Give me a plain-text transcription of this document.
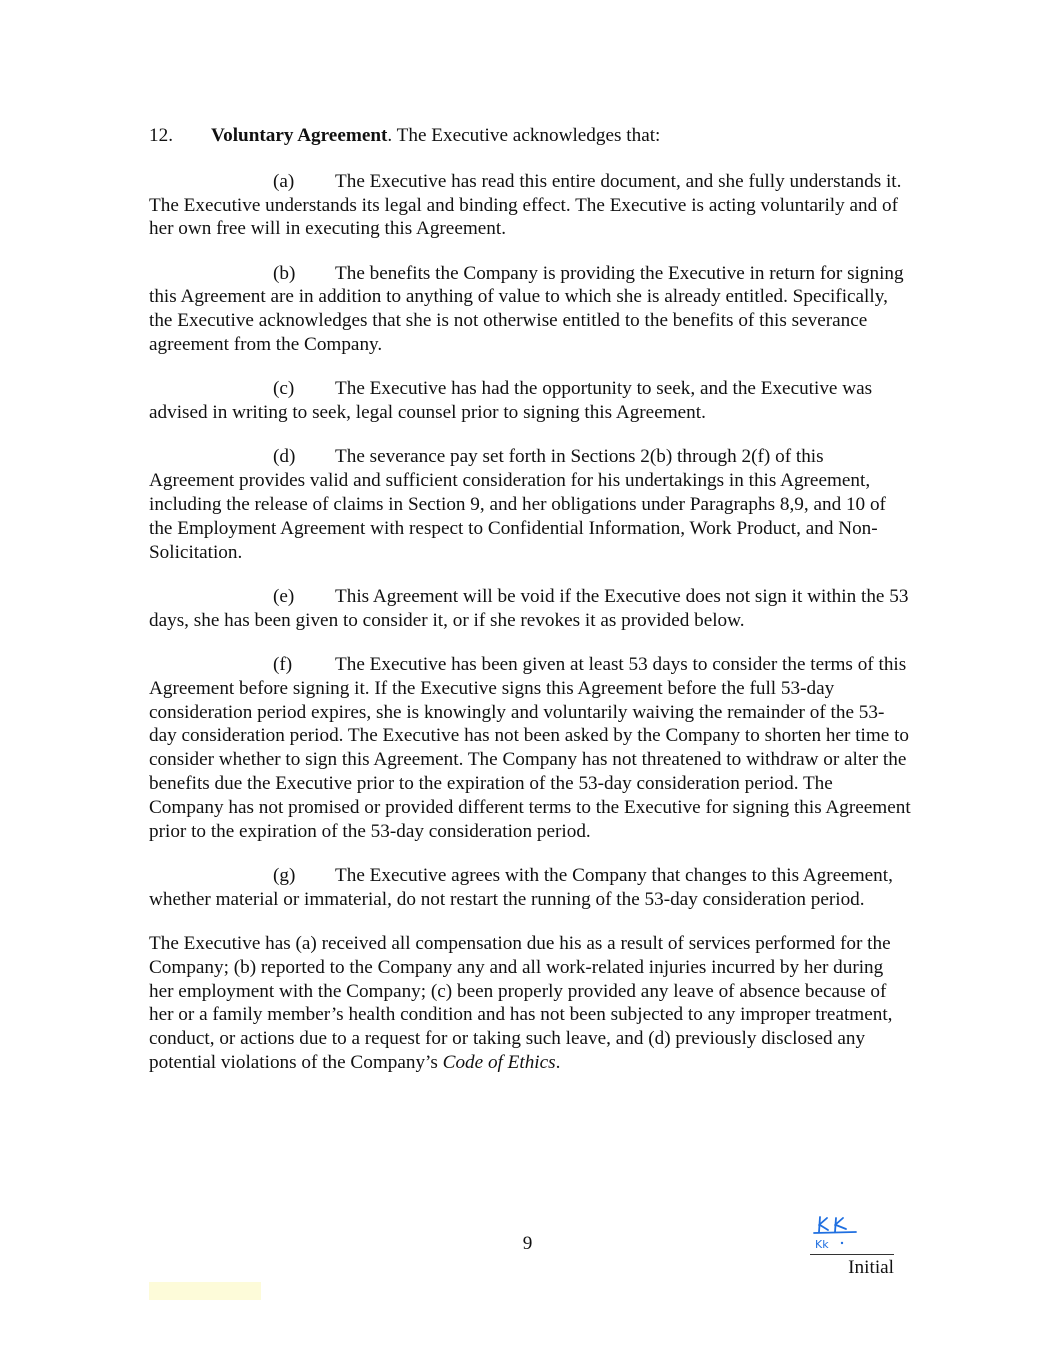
12. Voluntary Agreement. The Executive acknowledges that:

(a) The Executive has read this entire document, and she fully understands it. The Executive understands its legal and binding effect. The Executive is acting voluntarily and of her own free will in executing this Agreement.

(b) The benefits the Company is providing the Executive in return for signing this Agreement are in addition to anything of value to which she is already entitled. Specifically, the Executive acknowledges that she is not otherwise entitled to the benefits of this severance agreement from the Company.

(c) The Executive has had the opportunity to seek, and the Executive was advised in writing to seek, legal counsel prior to signing this Agreement.

(d) The severance pay set forth in Sections 2(b) through 2(f) of this Agreement provides valid and sufficient consideration for his undertakings in this Agreement, including the release of claims in Section 9, and her obligations under Paragraphs 8,9, and 10 of the Employment Agreement with respect to Confidential Information, Work Product, and Non-Solicitation.

(e) This Agreement will be void if the Executive does not sign it within the 53 days, she has been given to consider it, or if she revokes it as provided below.

(f) The Executive has been given at least 53 days to consider the terms of this Agreement before signing it. If the Executive signs this Agreement before the full 53-day consideration period expires, she is knowingly and voluntarily waiving the remainder of the 53-day consideration period. The Executive has not been asked by the Company to shorten her time to consider whether to sign this Agreement. The Company has not threatened to withdraw or alter the benefits due the Executive prior to the expiration of the 53-day consideration period. The Company has not promised or provided different terms to the Executive for signing this Agreement prior to the expiration of the 53-day consideration period.

(g) The Executive agrees with the Company that changes to this Agreement, whether material or immaterial, do not restart the running of the 53-day consideration period.

The Executive has (a) received all compensation due his as a result of services performed for the Company; (b) reported to the Company any and all work-related injuries incurred by her during her employment with the Company; (c) been properly provided any leave of absence because of her or a family member’s health condition and has not been subjected to any improper treatment, conduct, or actions due to a request for or taking such leave, and (d) previously disclosed any potential violations of the Company’s Code of Ethics.

9	Kk
Initial
